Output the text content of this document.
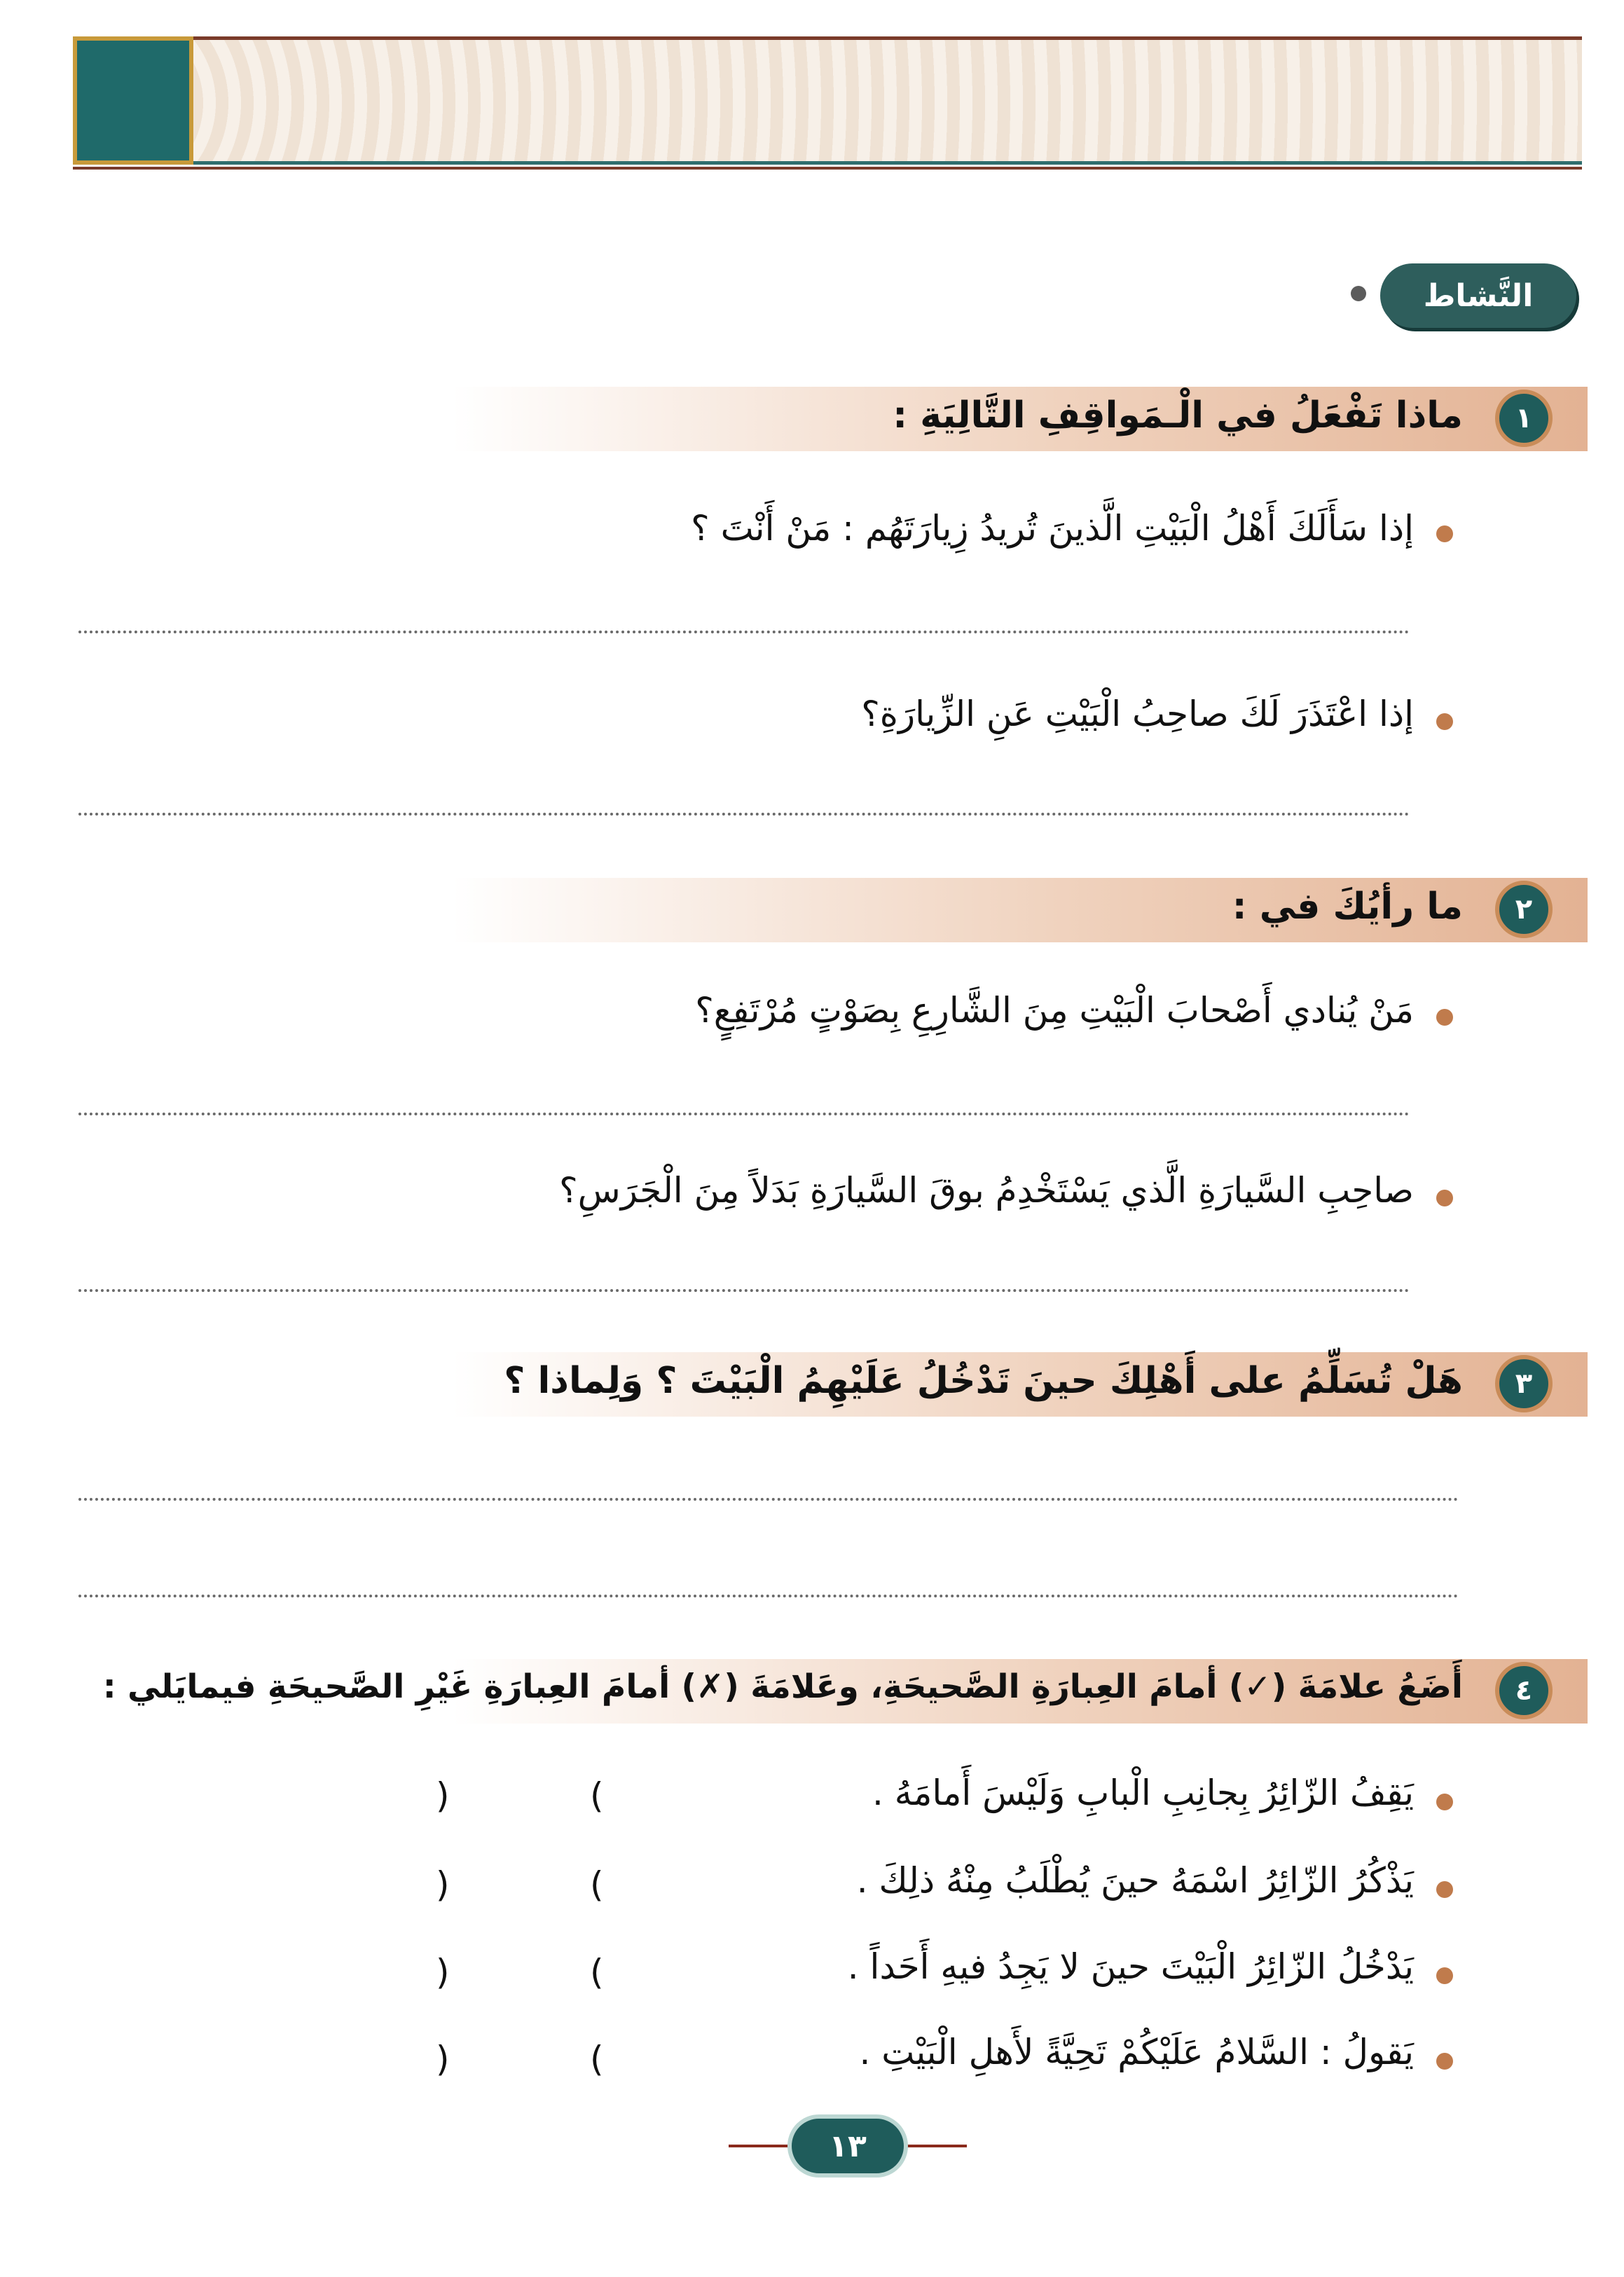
النَّشاط
١
ماذا تَفْعَلُ في الْـمَواقِفِ التَّالِيَةِ :
إذا سَأَلَكَ أَهْلُ الْبَيْتِ الَّذينَ تُريدُ زِيارَتَهُم : مَنْ أَنْتَ ؟
إذا اعْتَذَرَ لَكَ صاحِبُ الْبَيْتِ عَنِ الزِّيارَةِ؟
٢
ما رأيُكَ في :
مَنْ يُنادي أَصْحابَ الْبَيْتِ مِنَ الشَّارِعِ بِصَوْتٍ مُرْتَفِعٍ؟
صاحِبِ السَّيارَةِ الَّذي يَسْتَخْدِمُ بوقَ السَّيارَةِ بَدَلاً مِنَ الْجَرَسِ؟
٣
هَلْ تُسَلِّمُ على أَهْلِكَ حينَ تَدْخُلُ عَلَيْهِمُ الْبَيْتَ ؟ وَلِماذا ؟
٤
أَضَعُ علامَةَ (✓) أمامَ العِبارَةِ الصَّحيحَةِ، وعَلامَةَ (✗) أمامَ العِبارَةِ غَيْرِ الصَّحيحَةِ فيمايَلي :
يَقِفُ الزّائِرُ بِجانِبِ الْبابِ وَلَيْسَ أَمامَهُ .
(
)
يَذْكُرُ الزّائِرُ اسْمَهُ حينَ يُطْلَبُ مِنْهُ ذلِكَ .
(
)
يَدْخُلُ الزّائِرُ الْبَيْتَ حينَ لا يَجِدُ فيهِ أَحَداً .
(
)
يَقولُ : السَّلامُ عَلَيْكُمْ تَحِيَّةً لأَهلِ الْبَيْتِ .
(
)
١٣
